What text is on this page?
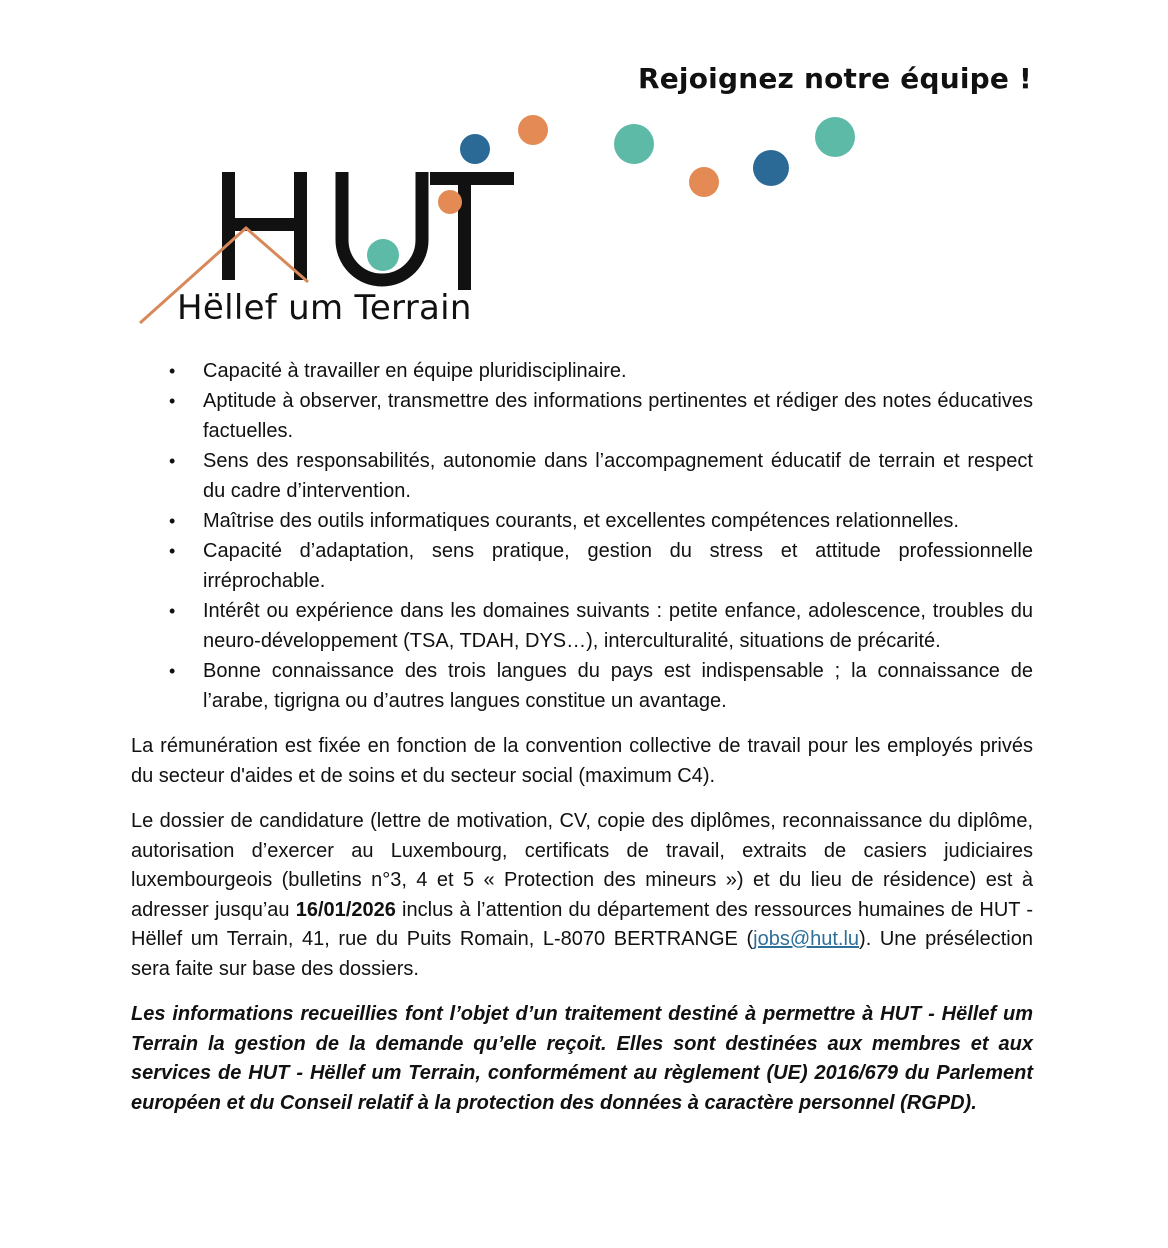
Rejoignez notre équipe !
Hëllef um Terrain
• Capacité à travailler en équipe pluridisciplinaire.
• Aptitude à observer, transmettre des informations pertinentes et rédiger des notes éducatives factuelles.
• Sens des responsabilités, autonomie dans l’accompagnement éducatif de terrain et respect du cadre d’intervention.
• Maîtrise des outils informatiques courants, et excellentes compétences relationnelles.
• Capacité d’adaptation, sens pratique, gestion du stress et attitude professionnelle irréprochable.
• Intérêt ou expérience dans les domaines suivants : petite enfance, adolescence, troubles du neuro-développement (TSA, TDAH, DYS…), interculturalité, situations de précarité.
• Bonne connaissance des trois langues du pays est indispensable ; la connaissance de l’arabe, tigrigna ou d’autres langues constitue un avantage.

La rémunération est fixée en fonction de la convention collective de travail pour les employés privés du secteur d'aides et de soins et du secteur social (maximum C4).

Le dossier de candidature (lettre de motivation, CV, copie des diplômes, reconnaissance du diplôme, autorisation d’exercer au Luxembourg, certificats de travail, extraits de casiers judiciaires luxembourgeois (bulletins n°3, 4 et 5 « Protection des mineurs ») et du lieu de résidence) est à adresser jusqu’au 16/01/2026 inclus à l’attention du département des ressources humaines de HUT - Hëllef um Terrain, 41, rue du Puits Romain, L-8070 BERTRANGE (jobs@hut.lu). Une présélection sera faite sur base des dossiers.

Les informations recueillies font l’objet d’un traitement destiné à permettre à HUT - Hëllef um Terrain la gestion de la demande qu’elle reçoit. Elles sont destinées aux membres et aux services de HUT - Hëllef um Terrain, conformément au règlement (UE) 2016/679 du Parlement européen et du Conseil relatif à la protection des données à caractère personnel (RGPD).
